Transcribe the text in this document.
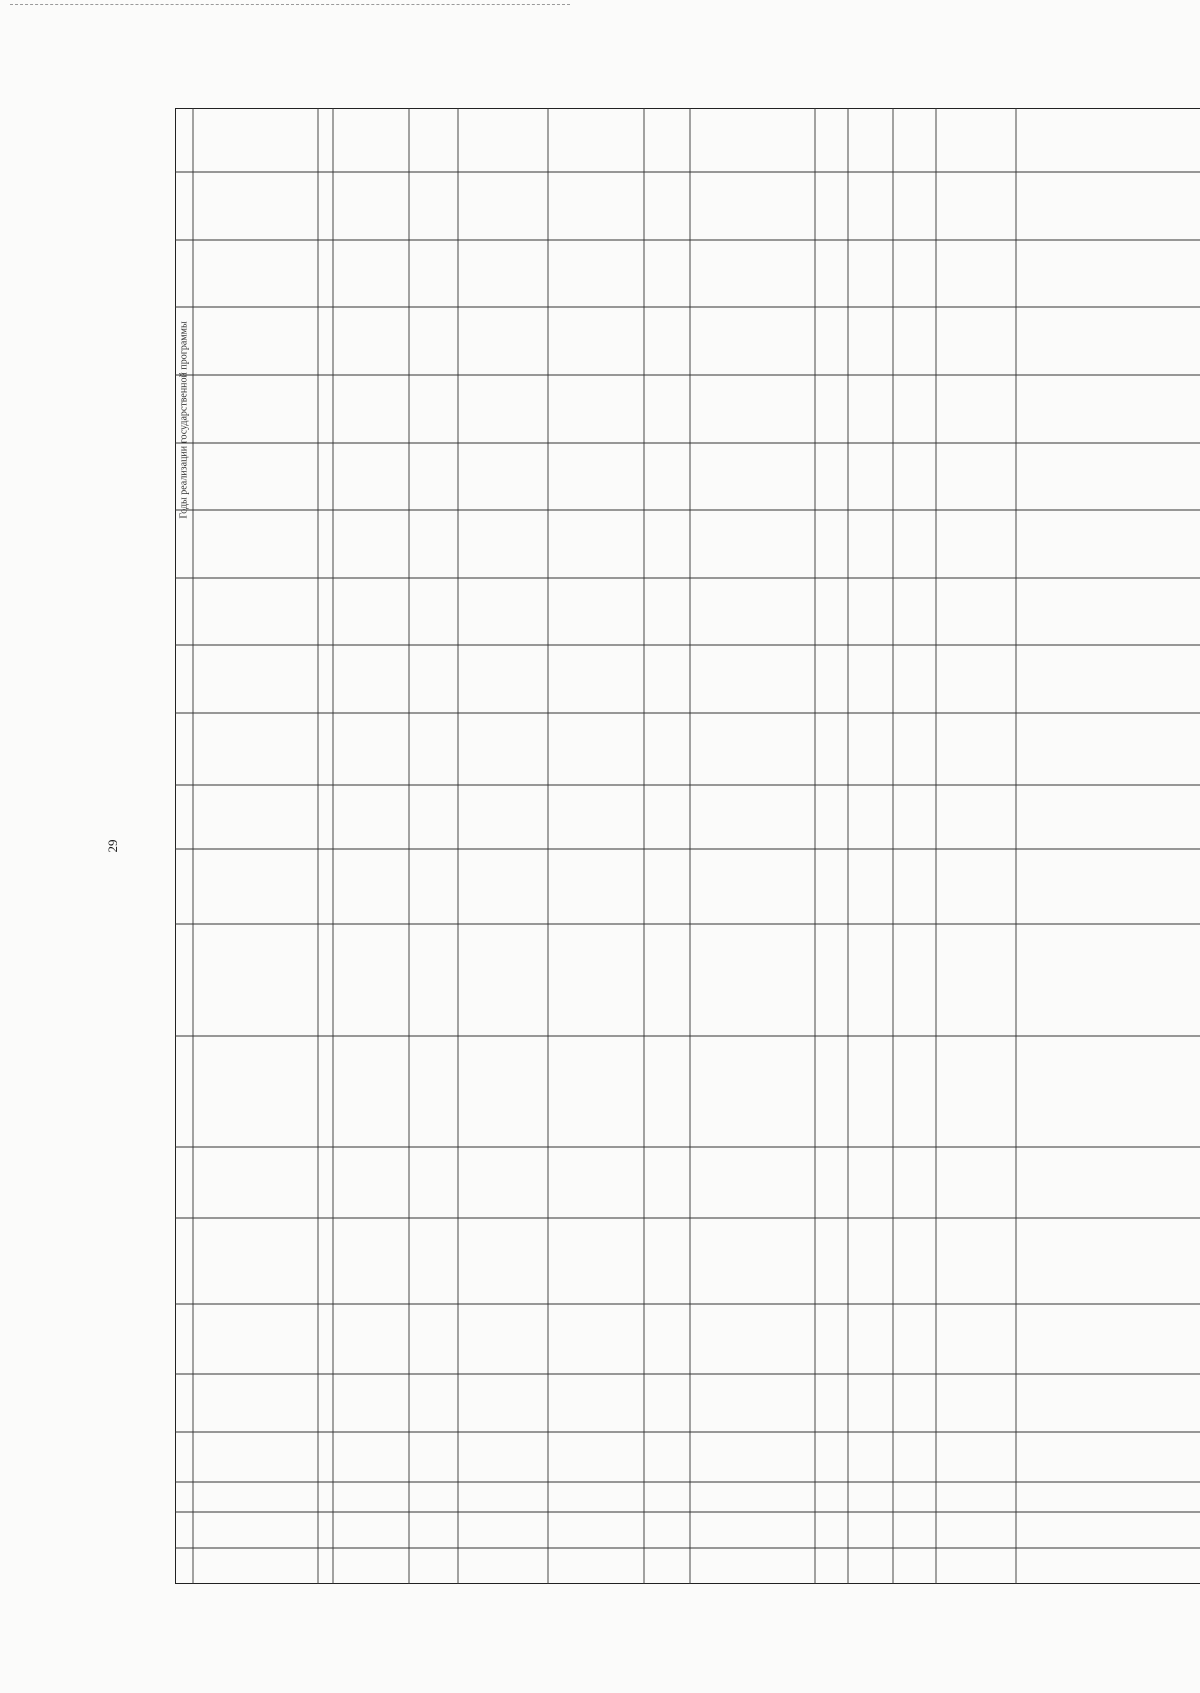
29
Годы реализации государственной программы
